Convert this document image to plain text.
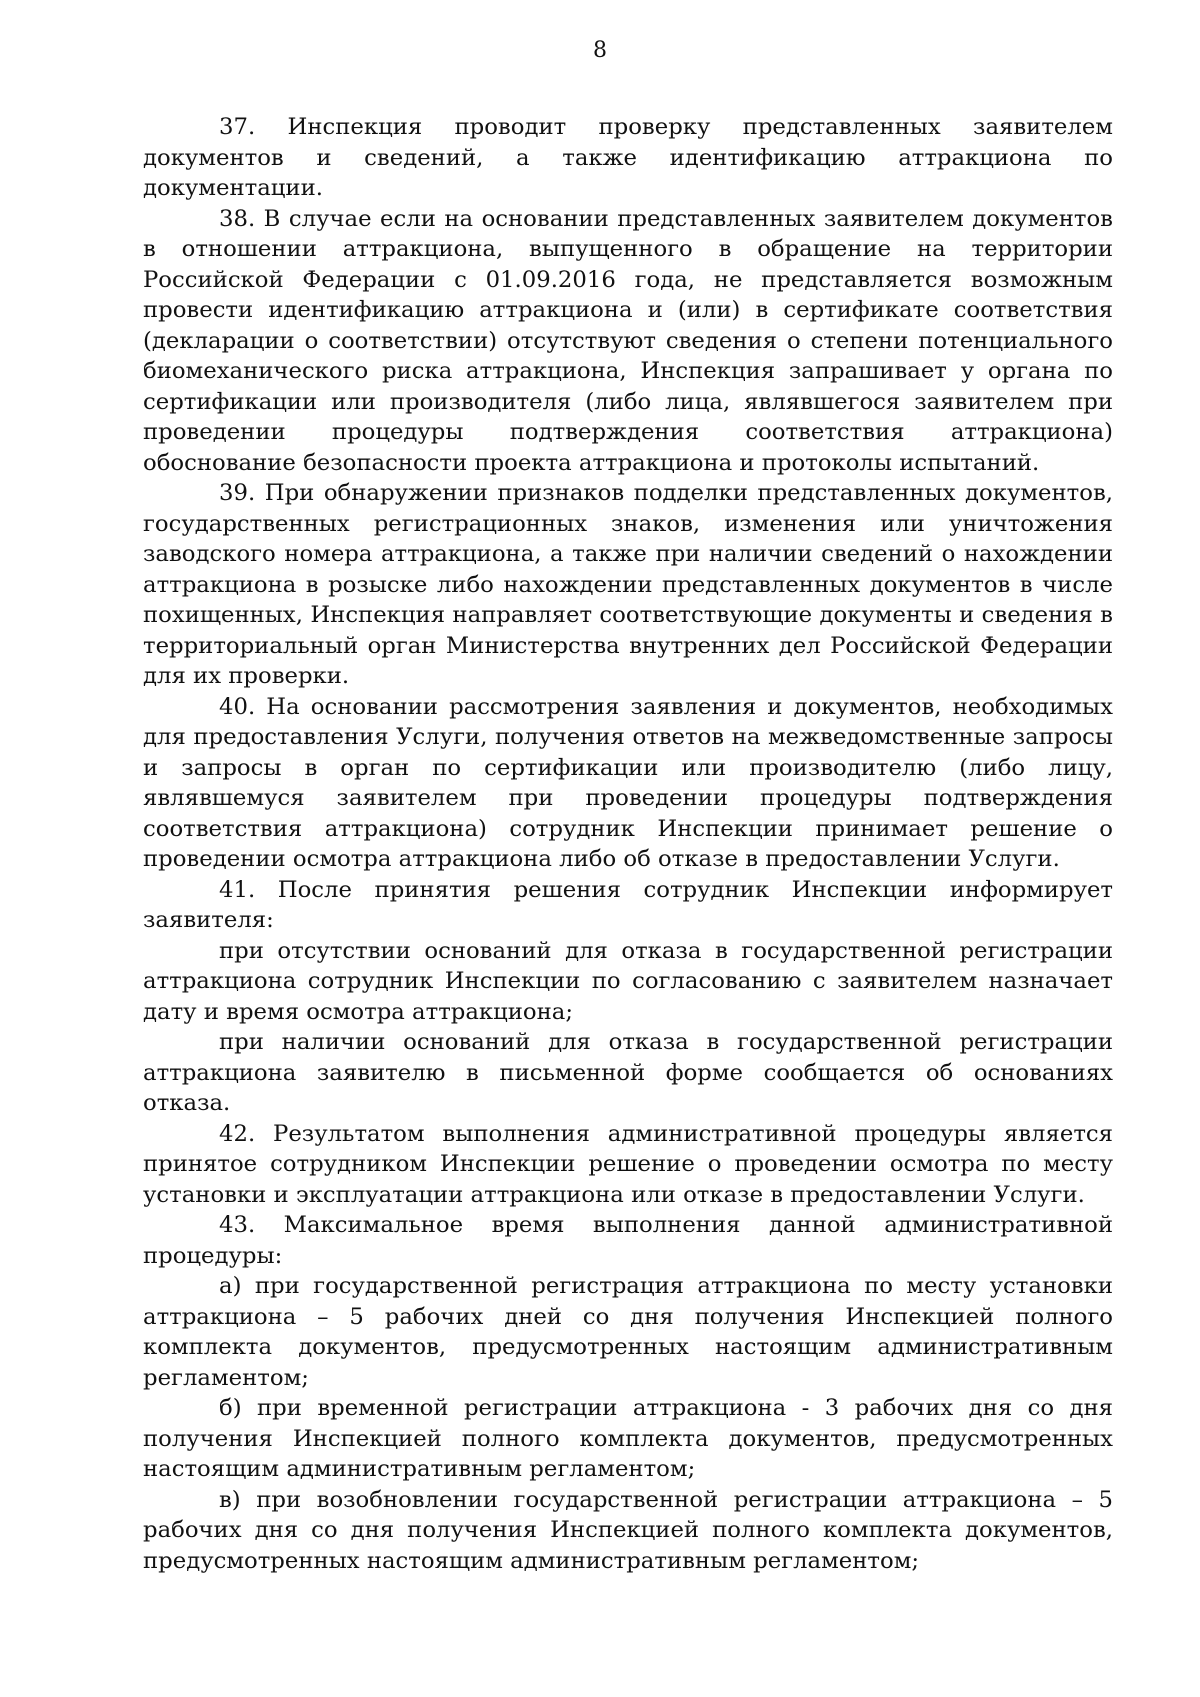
8

37. Инспекция проводит проверку представленных заявителем документов и сведений, а также идентификацию аттракциона по документации.

38. В случае если на основании представленных заявителем документов в отношении аттракциона, выпущенного в обращение на территории Российской Федерации с 01.09.2016 года, не представляется возможным провести идентификацию аттракциона и (или) в сертификате соответствия (декларации о соответствии) отсутствуют сведения о степени потенциального биомеханического риска аттракциона, Инспекция запрашивает у органа по сертификации или производителя (либо лица, являвшегося заявителем при проведении процедуры подтверждения соответствия аттракциона) обоснование безопасности проекта аттракциона и протоколы испытаний.

39. При обнаружении признаков подделки представленных документов, государственных регистрационных знаков, изменения или уничтожения заводского номера аттракциона, а также при наличии сведений о нахождении аттракциона в розыске либо нахождении представленных документов в числе похищенных, Инспекция направляет соответствующие документы и сведения в территориальный орган Министерства внутренних дел Российской Федерации для их проверки.

40. На основании рассмотрения заявления и документов, необходимых для предоставления Услуги, получения ответов на межведомственные запросы и запросы в орган по сертификации или производителю (либо лицу, являвшемуся заявителем при проведении процедуры подтверждения соответствия аттракциона) сотрудник Инспекции принимает решение о проведении осмотра аттракциона либо об отказе в предоставлении Услуги.

41. После принятия решения сотрудник Инспекции информирует заявителя:

при отсутствии оснований для отказа в государственной регистрации аттракциона сотрудник Инспекции по согласованию с заявителем назначает дату и время осмотра аттракциона;

при наличии оснований для отказа в государственной регистрации аттракциона заявителю в письменной форме сообщается об основаниях отказа.

42. Результатом выполнения административной процедуры является принятое сотрудником Инспекции решение о проведении осмотра по месту установки и эксплуатации аттракциона или отказе в предоставлении Услуги.

43. Максимальное время выполнения данной административной процедуры:

а) при государственной регистрация аттракциона по месту установки аттракциона – 5 рабочих дней со дня получения Инспекцией полного комплекта документов, предусмотренных настоящим административным регламентом;

б) при временной регистрации аттракциона - 3 рабочих дня со дня получения Инспекцией полного комплекта документов, предусмотренных настоящим административным регламентом;

в) при возобновлении государственной регистрации аттракциона – 5 рабочих дня со дня получения Инспекцией полного комплекта документов, предусмотренных настоящим административным регламентом;
